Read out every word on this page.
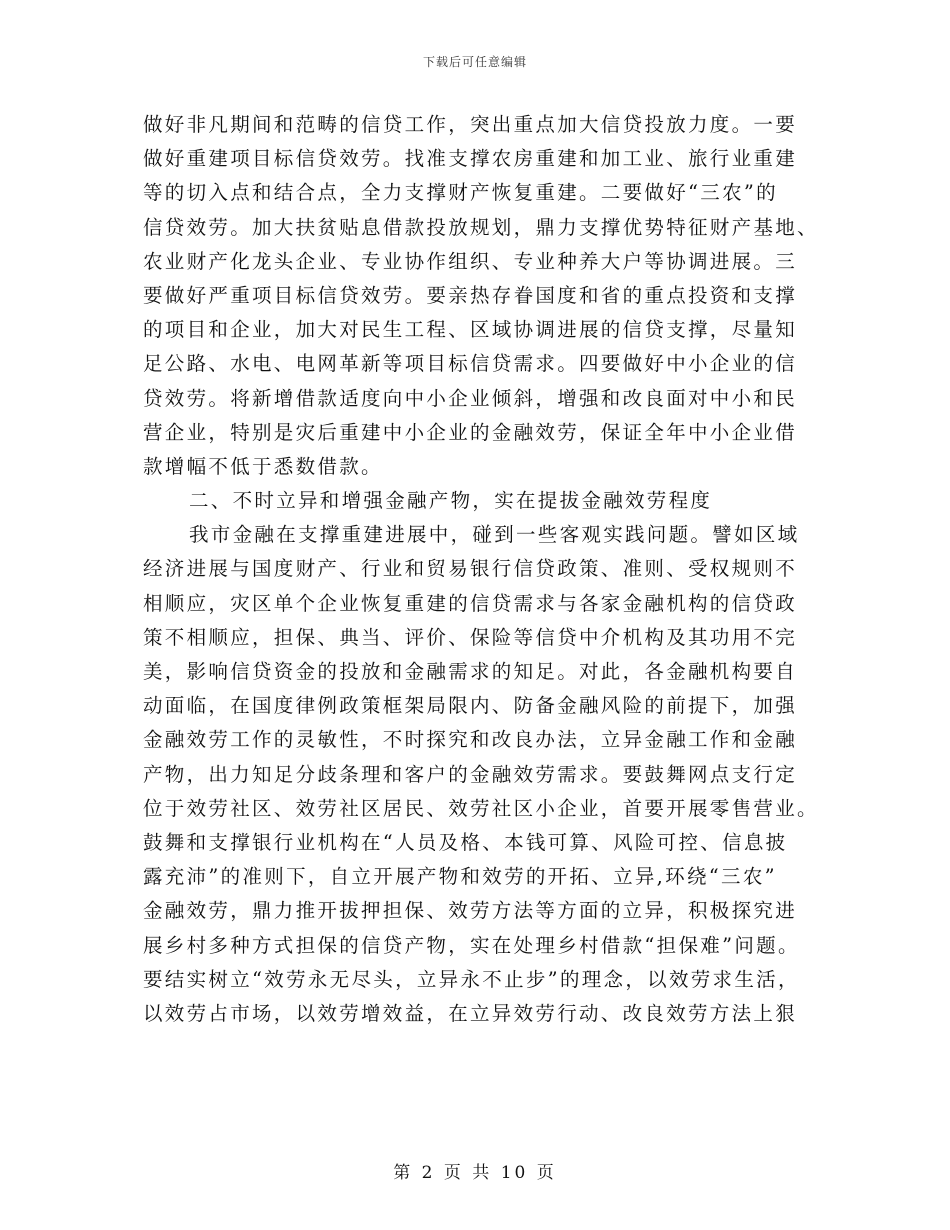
下载后可任意编辑
做好非凡期间和范畴的信贷工作，突出重点加大信贷投放力度。一要
做好重建项目标信贷效劳。找准支撑农房重建和加工业、旅行业重建
等的切入点和结合点，全力支撑财产恢复重建。二要做好“三农”的
信贷效劳。加大扶贫贴息借款投放规划，鼎力支撑优势特征财产基地、
农业财产化龙头企业、专业协作组织、专业种养大户等协调进展。三
要做好严重项目标信贷效劳。要亲热存眷国度和省的重点投资和支撑
的项目和企业，加大对民生工程、区域协调进展的信贷支撑，尽量知
足公路、水电、电网革新等项目标信贷需求。四要做好中小企业的信
贷效劳。将新增借款适度向中小企业倾斜，增强和改良面对中小和民
营企业，特别是灾后重建中小企业的金融效劳，保证全年中小企业借
款增幅不低于悉数借款。
二、不时立异和增强金融产物，实在提拔金融效劳程度
我市金融在支撑重建进展中，碰到一些客观实践问题。譬如区域
经济进展与国度财产、行业和贸易银行信贷政策、准则、受权规则不
相顺应，灾区单个企业恢复重建的信贷需求与各家金融机构的信贷政
策不相顺应，担保、典当、评价、保险等信贷中介机构及其功用不完
美，影响信贷资金的投放和金融需求的知足。对此，各金融机构要自
动面临，在国度律例政策框架局限内、防备金融风险的前提下，加强
金融效劳工作的灵敏性，不时探究和改良办法，立异金融工作和金融
产物，出力知足分歧条理和客户的金融效劳需求。要鼓舞网点支行定
位于效劳社区、效劳社区居民、效劳社区小企业，首要开展零售营业。
鼓舞和支撑银行业机构在“人员及格、本钱可算、风险可控、信息披
露充沛”的准则下，自立开展产物和效劳的开拓、立异,环绕“三农”
金融效劳，鼎力推开拔押担保、效劳方法等方面的立异，积极探究进
展乡村多种方式担保的信贷产物，实在处理乡村借款“担保难”问题。
要结实树立“效劳永无尽头，立异永不止步”的理念，以效劳求生活，
以效劳占市场，以效劳增效益，在立异效劳行动、改良效劳方法上狠
第 2 页 共 10 页
